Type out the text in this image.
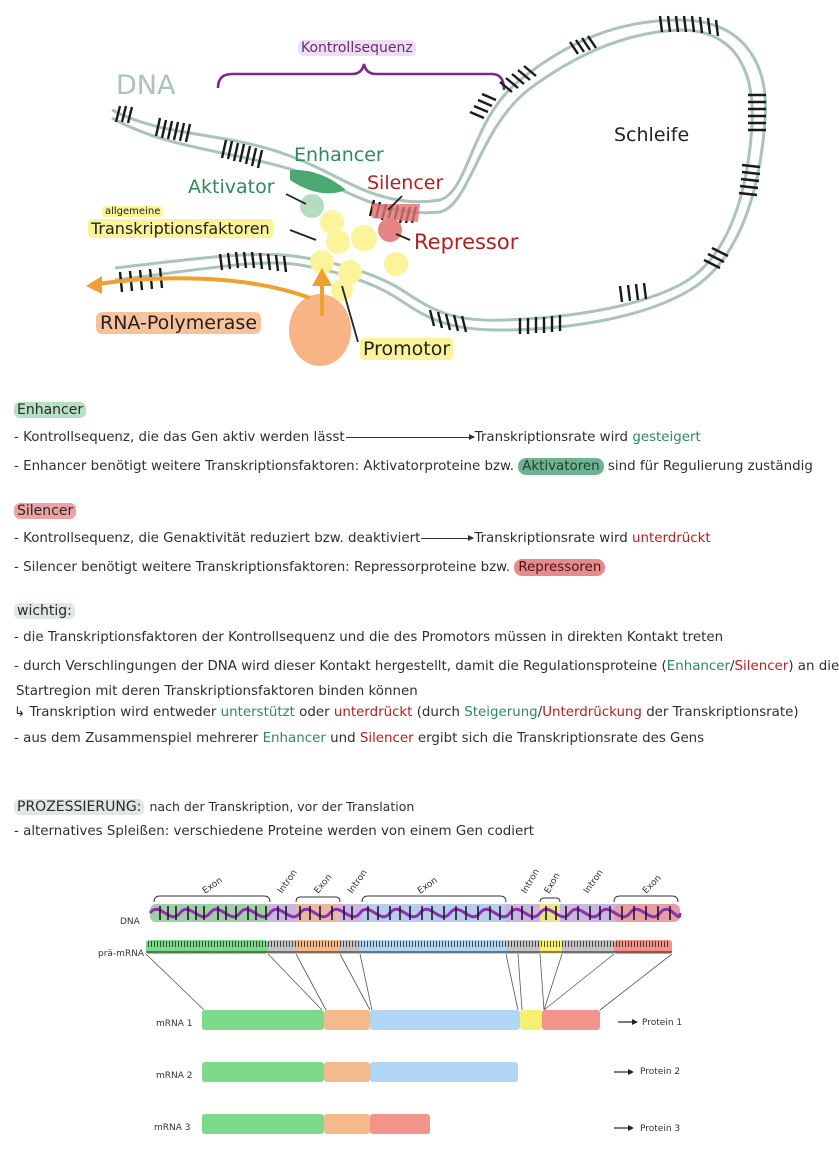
Kontrollsequenz
DNA
Schleife
Enhancer
Aktivator	Silencer
allgemeine
Transkriptionsfaktoren
Repressor
RNA-Polymerase
Promotor
Enhancer
- Kontrollsequenz, die das Gen aktiv werden lässt	Transkriptionsrate wird gesteigert
- Enhancer benötigt weitere Transkriptionsfaktoren: Aktivatorproteine bzw. Aktivatoren sind für Regulierung zuständig
Silencer
- Kontrollsequenz, die Genaktivität reduziert bzw. deaktiviert	Transkriptionsrate wird unterdrückt
- Silencer benötigt weitere Transkriptionsfaktoren: Repressorproteine bzw. Repressoren
wichtig:
- die Transkriptionsfaktoren der Kontrollsequenz und die des Promotors müssen in direkten Kontakt treten
- durch Verschlingungen der DNA wird dieser Kontakt hergestellt, damit die Regulationsproteine (Enhancer/Silencer) an die
Startregion mit deren Transkriptionsfaktoren binden können
↳ Transkription wird entweder unterstützt oder unterdrückt (durch Steigerung/Unterdrückung der Transkriptionsrate)
- aus dem Zusammenspiel mehrerer Enhancer und Silencer ergibt sich die Transkriptionsrate des Gens
PROZESSIERUNG: nach der Transkription, vor der Translation
- alternatives Spleißen: verschiedene Proteine werden von einem Gen codiert
Exon	Intron Exon Intron	Exon	Intron Exon Intron	Exon
DNA
prä-mRNA
mRNA 1	Protein 1
mRNA 2	Protein 2
mRNA 3	Protein 3
